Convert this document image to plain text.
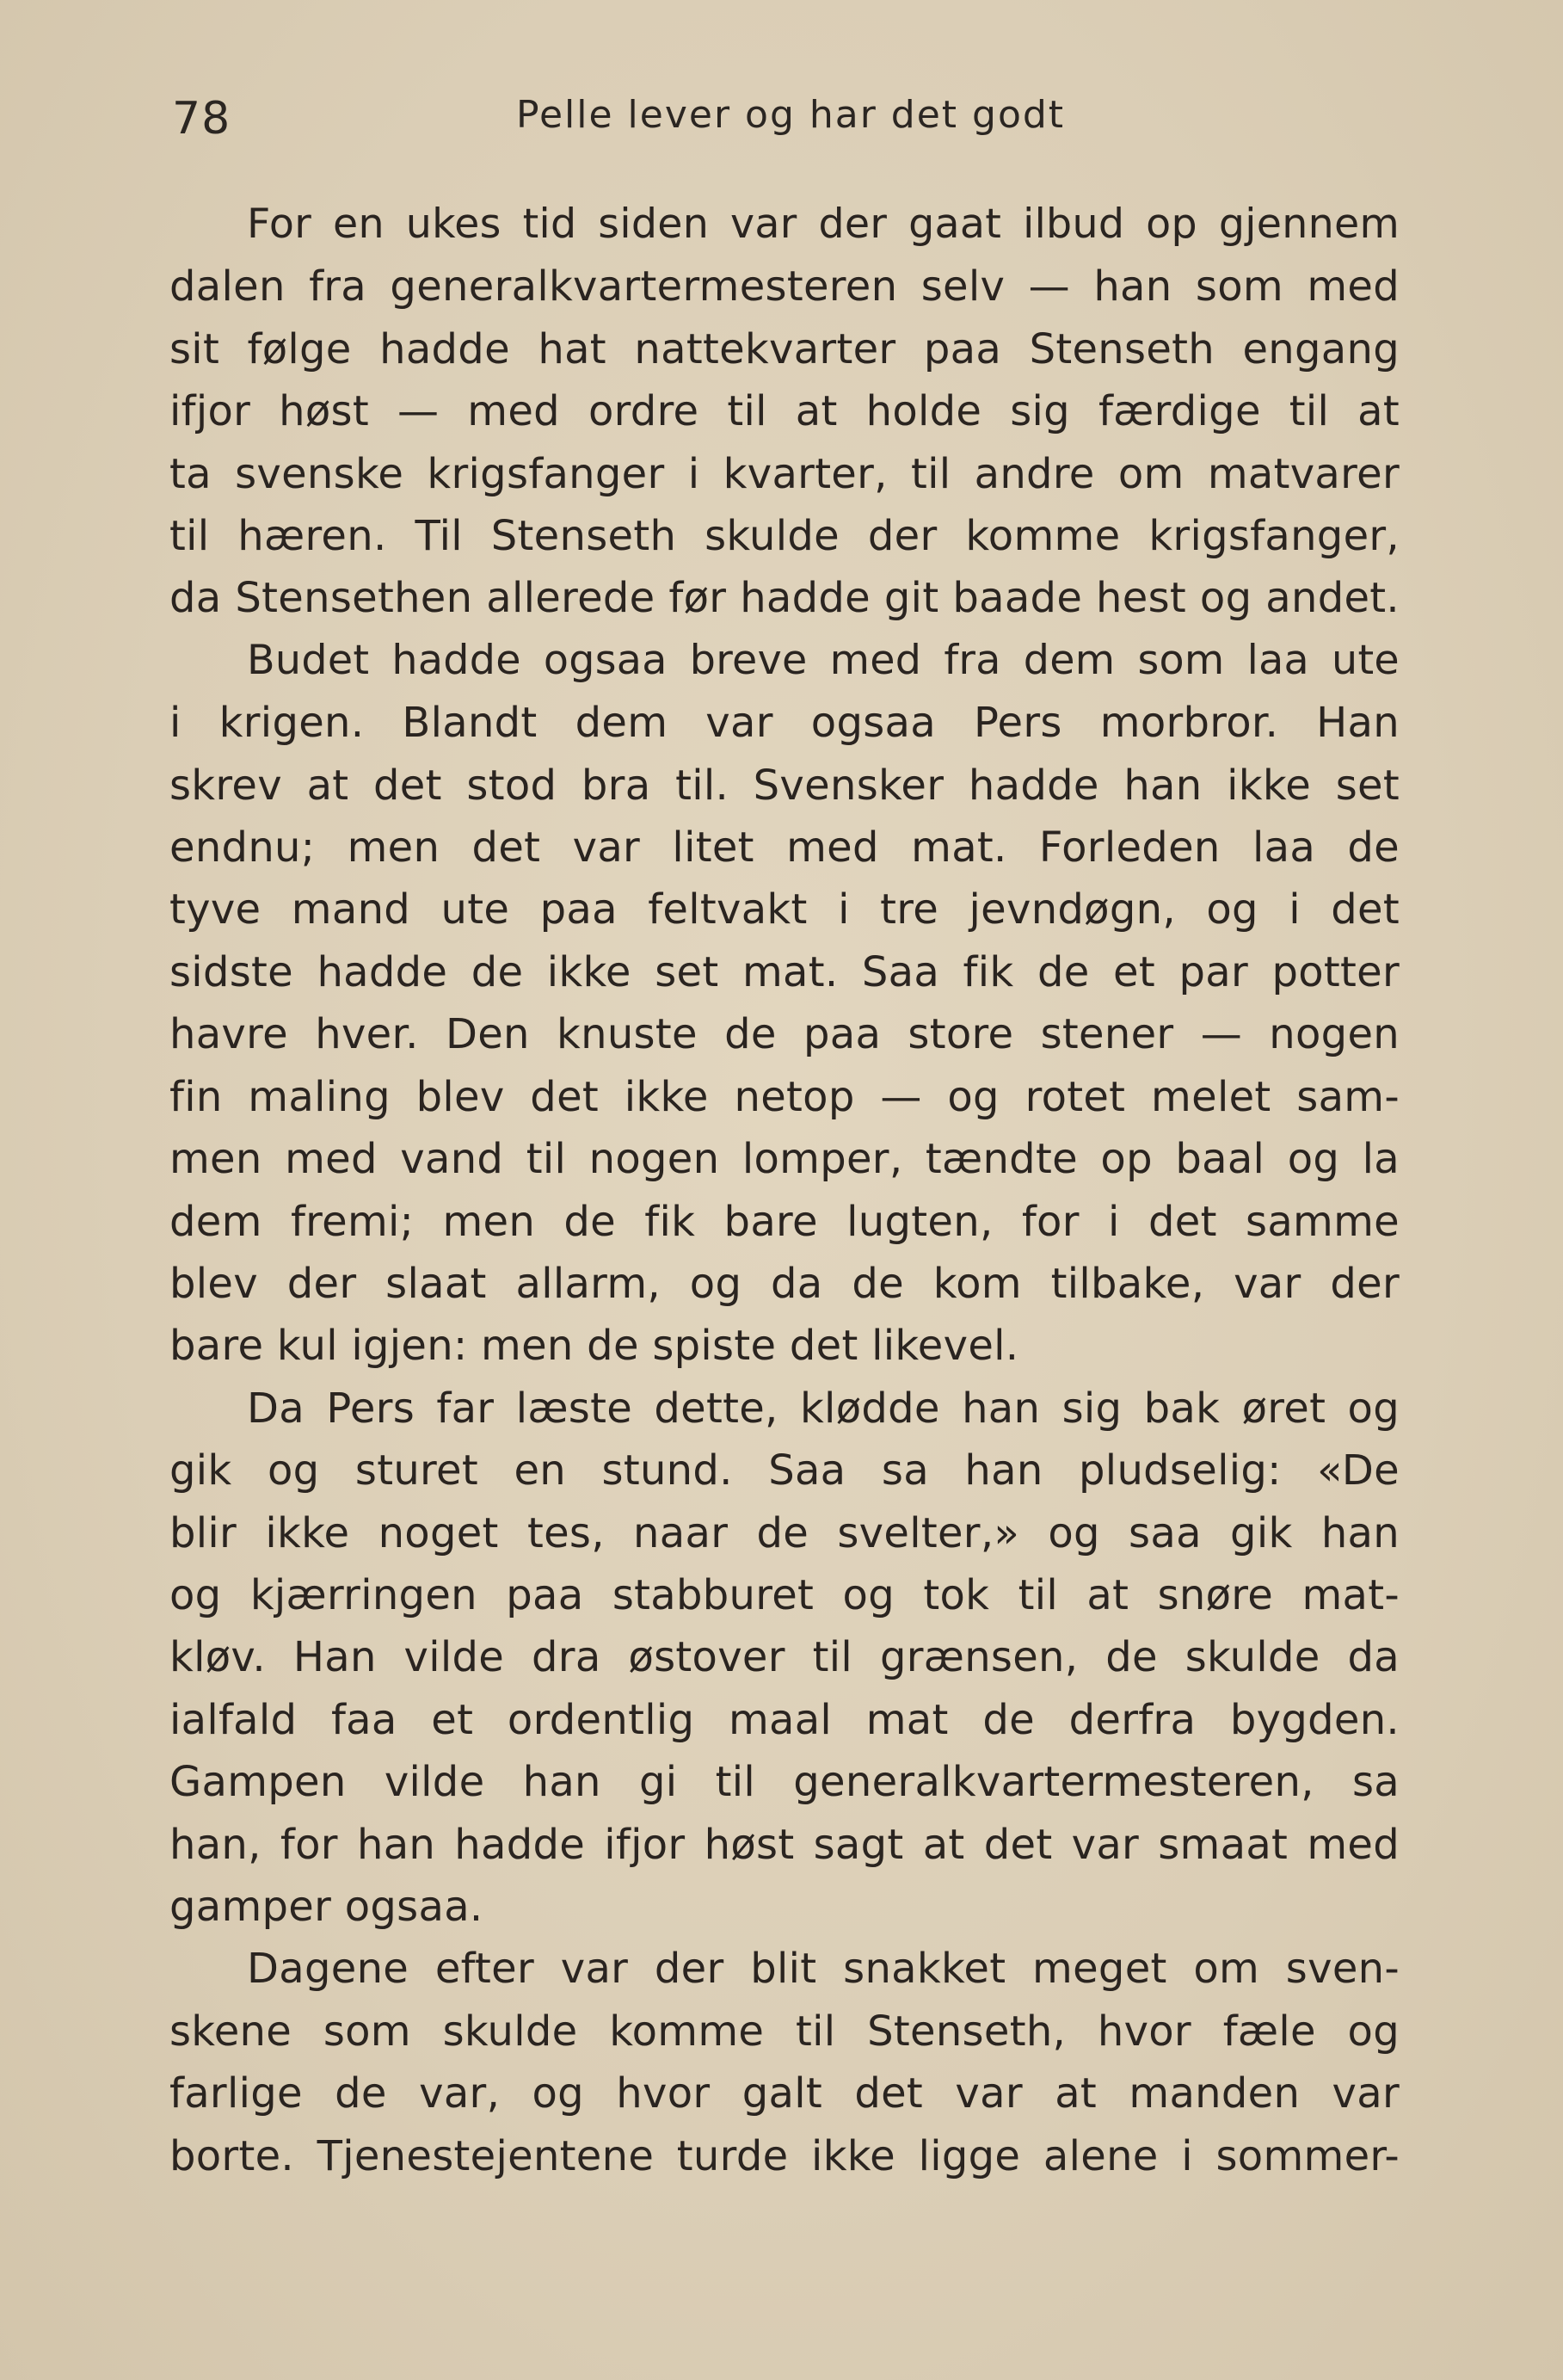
78	Pelle lever og har det godt

For en ukes tid siden var der gaat ilbud op gjennem
dalen fra generalkvartermesteren selv — han som med
sit følge hadde hat nattekvarter paa Stenseth engang
ifjor høst — med ordre til at holde sig færdige til at
ta svenske krigsfanger i kvarter, til andre om matvarer
til hæren. Til Stenseth skulde der komme krigsfanger,
da Stensethen allerede før hadde git baade hest og andet.

Budet hadde ogsaa breve med fra dem som laa ute
i krigen. Blandt dem var ogsaa Pers morbror. Han
skrev at det stod bra til. Svensker hadde han ikke set
endnu; men det var litet med mat. Forleden laa de
tyve mand ute paa feltvakt i tre jevndøgn, og i det
sidste hadde de ikke set mat. Saa fik de et par potter
havre hver. Den knuste de paa store stener — nogen
fin maling blev det ikke netop — og rotet melet sam-
men med vand til nogen lomper, tændte op baal og la
dem fremi; men de fik bare lugten, for i det samme
blev der slaat allarm, og da de kom tilbake, var der
bare kul igjen: men de spiste det likevel.

Da Pers far læste dette, kløddе han sig bak øret og
gik og sturet en stund. Saa sa han pludselig: «De
blir ikke noget tes, naar de svelter,» og saa gik han
og kjærringen paa stabburet og tok til at snøre mat-
kløv. Han vilde dra østover til grænsen, de skulde da
ialfald faa et ordentlig maal mat de derfra bygden.
Gampen vilde han gi til generalkvartermesteren, sa
han, for han hadde ifjor høst sagt at det var smaat med
gamper ogsaa.

Dagene efter var der blit snakket meget om sven-
skene som skulde komme til Stenseth, hvor fæle og
farlige de var, og hvor galt det var at manden var
borte. Tjenestejentene turde ikke ligge alene i sommer-
